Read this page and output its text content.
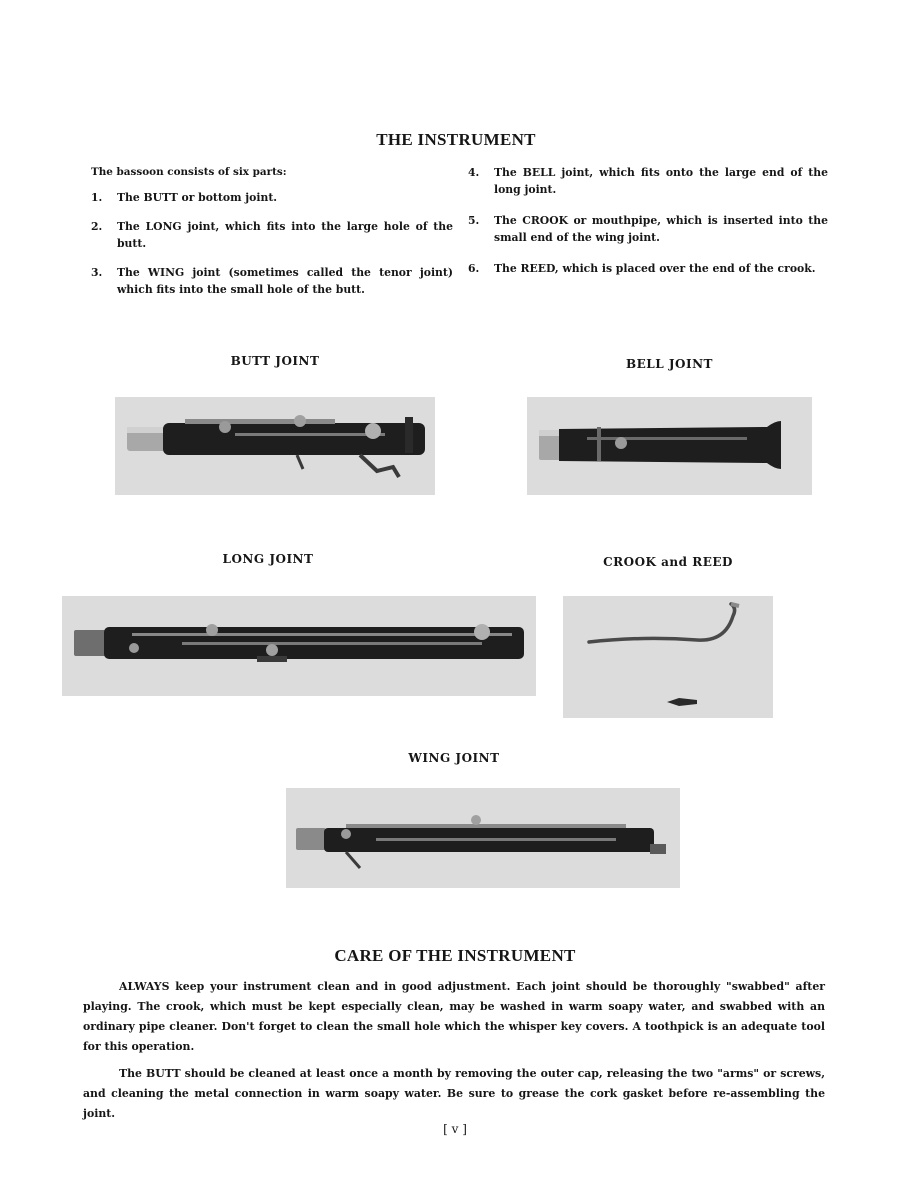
THE INSTRUMENT
The bassoon consists of six parts:
1.	The BUTT or bottom joint.
2.	The LONG joint, which fits into the large hole of the butt.
3.	The WING joint (sometimes called the tenor joint) which fits into the small hole of the butt.
4.	The BELL joint, which fits onto the large end of the long joint.
5.	The CROOK or mouthpipe, which is inserted into the small end of the wing joint.
6.	The REED, which is placed over the end of the crook.
BUTT JOINT	BELL JOINT
LONG JOINT	CROOK and REED
WING JOINT
CARE OF THE INSTRUMENT
ALWAYS keep your instrument clean and in good adjustment. Each joint should be thoroughly "swabbed" after playing. The crook, which must be kept especially clean, may be washed in warm soapy water, and swabbed with an ordinary pipe cleaner. Don't forget to clean the small hole which the whisper key covers. A toothpick is an adequate tool for this operation.
The BUTT should be cleaned at least once a month by removing the outer cap, releasing the two "arms" or screws, and cleaning the metal connection in warm soapy water. Be sure to grease the cork gasket before re-assembling the joint.
[ v ]
